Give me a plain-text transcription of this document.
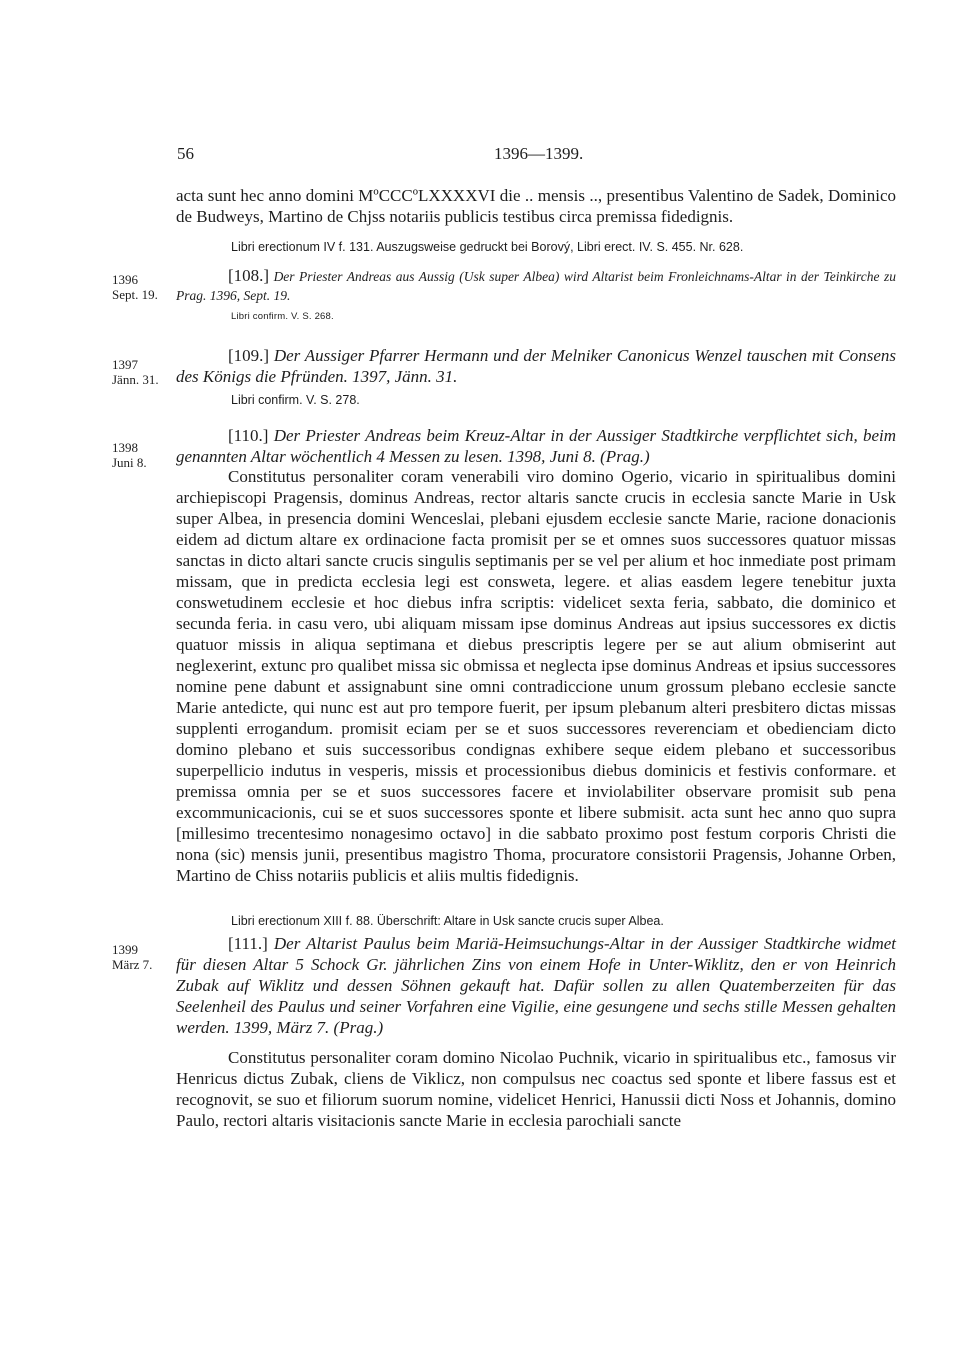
56	1396—1399.

acta sunt hec anno domini MºCCCºLXXXXVI die .. mensis .., presentibus Valentino de Sadek, Dominico de Budweys, Martino de Chjss notariis publicis testibus circa premissa fidedignis.

Libri erectionum IV f. 131. Auszugsweise gedruckt bei Borový, Libri erect. IV. S. 455. Nr. 628.

1396
Sept. 19.

[108.] Der Priester Andreas aus Aussig (Usk super Albea) wird Altarist beim Fronleichnams-Altar in der Teinkirche zu Prag. 1396, Sept. 19.

Libri confirm. V. S. 268.

1397
Jänn. 31.

[109.] Der Aussiger Pfarrer Hermann und der Melniker Canonicus Wenzel tauschen mit Consens des Königs die Pfründen. 1397, Jänn. 31.

Libri confirm. V. S. 278.

1398
Juni 8.

[110.] Der Priester Andreas beim Kreuz-Altar in der Aussiger Stadtkirche verpflichtet sich, beim genannten Altar wöchentlich 4 Messen zu lesen. 1398, Juni 8. (Prag.)

Constitutus personaliter coram venerabili viro domino Ogerio, vicario in spiritualibus domini archiepiscopi Pragensis, dominus Andreas, rector altaris sancte crucis in ecclesia sancte Marie in Usk super Albea, in presencia domini Wenceslai, plebani ejusdem ecclesie sancte Marie, racione donacionis eidem ad dictum altare ex ordinacione facta promisit per se et omnes suos successores quatuor missas sanctas in dicto altari sancte crucis singulis septimanis per se vel per alium et hoc inmediate post primam missam, que in predicta ecclesia legi est consweta, legere. et alias easdem legere tenebitur juxta conswetudinem ecclesie et hoc diebus infra scriptis: videlicet sexta feria, sabbato, die dominico et secunda feria. in casu vero, ubi aliquam missam ipse dominus Andreas aut ipsius successores ex dictis quatuor missis in aliqua septimana et diebus prescriptis legere per se aut alium obmiserint aut neglexerint, extunc pro qualibet missa sic obmissa et neglecta ipse dominus Andreas et ipsius successores nomine pene dabunt et assignabunt sine omni contradiccione unum grossum plebano ecclesie sancte Marie antedicte, qui nunc est aut pro tempore fuerit, per ipsum plebanum alteri presbitero dictas missas supplenti errogandum. promisit eciam per se et suos successores reverenciam et obedienciam dicto domino plebano et suis successoribus condignas exhibere seque eidem plebano et successoribus superpellicio indutus in vesperis, missis et processionibus diebus dominicis et festivis conformare. et premissa omnia per se et suos successores facere et inviolabiliter observare promisit sub pena excommunicacionis, cui se et suos successores sponte et libere submisit. acta sunt hec anno quo supra [millesimo trecentesimo nonagesimo octavo] in die sabbato proximo post festum corporis Christi die nona (sic) mensis junii, presentibus magistro Thoma, procuratore consistorii Pragensis, Johanne Orben, Martino de Chiss notariis publicis et aliis multis fidedignis.

Libri erectionum XIII f. 88. Überschrift: Altare in Usk sancte crucis super Albea.

1399
März 7.

[111.] Der Altarist Paulus beim Mariä-Heimsuchungs-Altar in der Aussiger Stadtkirche widmet für diesen Altar 5 Schock Gr. jährlichen Zins von einem Hofe in Unter-Wiklitz, den er von Heinrich Zubak auf Wiklitz und dessen Söhnen gekauft hat. Dafür sollen zu allen Quatemberzeiten für das Seelenheil des Paulus und seiner Vorfahren eine Vigilie, eine gesungene und sechs stille Messen gehalten werden. 1399, März 7. (Prag.)

Constitutus personaliter coram domino Nicolao Puchnik, vicario in spiritualibus etc., famosus vir Henricus dictus Zubak, cliens de Viklicz, non compulsus nec coactus sed sponte et libere fassus est et recognovit, se suo et filiorum suorum nomine, videlicet Henrici, Hanussii dicti Noss et Johannis, domino Paulo, rectori altaris visitacionis sancte Marie in ecclesia parochiali sancte
